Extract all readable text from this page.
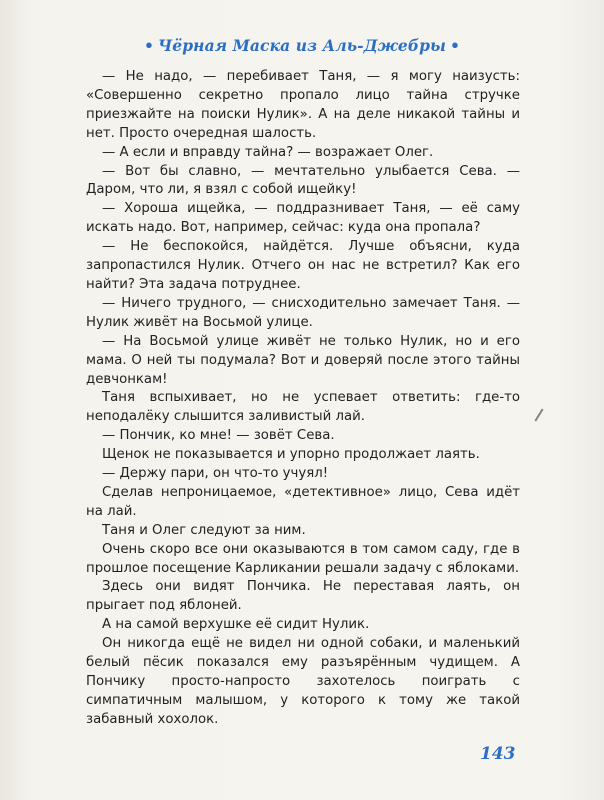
• Чёрная Маска из Аль-Джебры •

— Не надо, — перебивает Таня, — я могу наизусть: «Совершенно секретно пропало лицо тайна стручке приезжайте на поиски Нулик». А на деле никакой тайны и нет. Просто очередная шалость.

— А если и вправду тайна? — возражает Олег.

— Вот бы славно, — мечтательно улыбается Сева. — Даром, что ли, я взял с собой ищейку!

— Хороша ищейка, — поддразнивает Таня, — её саму искать надо. Вот, например, сейчас: куда она пропала?

— Не беспокойся, найдётся. Лучше объясни, куда запропастился Нулик. Отчего он нас не встретил? Как его найти? Эта задача потруднее.

— Ничего трудного, — снисходительно замечает Таня. — Нулик живёт на Восьмой улице.

— На Восьмой улице живёт не только Нулик, но и его мама. О ней ты подумала? Вот и доверяй после этого тайны девчонкам!

Таня вспыхивает, но не успевает ответить: где-то неподалёку слышится заливистый лай.

— Пончик, ко мне! — зовёт Сева.

Щенок не показывается и упорно продолжает лаять.

— Держу пари, он что-то учуял!

Сделав непроницаемое, «детективное» лицо, Сева идёт на лай.

Таня и Олег следуют за ним.

Очень скоро все они оказываются в том самом саду, где в прошлое посещение Карликании решали задачу с яблоками.

Здесь они видят Пончика. Не переставая лаять, он прыгает под яблоней.

А на самой верхушке её сидит Нулик.

Он никогда ещё не видел ни одной собаки, и маленький белый пёсик показался ему разъярённым чудищем. А Пончику просто-напросто захотелось поиграть с симпатичным малышом, у которого к тому же такой забавный хохолок.

143
